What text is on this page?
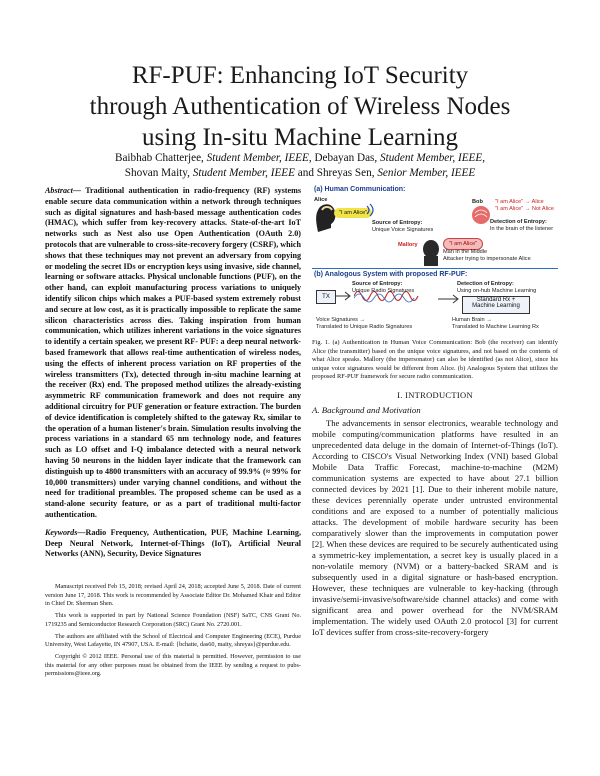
RF-PUF: Enhancing IoT Security
through Authentication of Wireless Nodes
using In-situ Machine Learning
Baibhab Chatterjee, Student Member, IEEE, Debayan Das, Student Member, IEEE,
Shovan Maity, Student Member, IEEE and Shreyas Sen, Senior Member, IEEE

Abstract— Traditional authentication in radio-frequency (RF) systems enable secure data communication within a network through techniques such as digital signatures and hash-based message authentication codes (HMAC), which suffer from key-recovery attacks. State-of-the-art IoT networks such as Nest also use Open Authentication (OAuth 2.0) protocols that are vulnerable to cross-site-recovery forgery (CSRF), which shows that these techniques may not prevent an adversary from copying or modeling the secret IDs or encryption keys using invasive, side channel, learning or software attacks. Physical unclonable functions (PUF), on the other hand, can exploit manufacturing process variations to uniquely identify silicon chips which makes a PUF-based system extremely robust and secure at low cost, as it is practically impossible to replicate the same silicon characteristics across dies. Taking inspiration from human communication, which utilizes inherent variations in the voice signatures to identify a certain speaker, we present RF- PUF: a deep neural network-based framework that allows real-time authentication of wireless nodes, using the effects of inherent process variation on RF properties of the wireless transmitters (Tx), detected through in-situ machine learning at the receiver (Rx) end. The proposed method utilizes the already-existing asymmetric RF communication framework and does not require any additional circuitry for PUF generation or feature extraction. The burden of device identification is completely shifted to the gateway Rx, similar to the operation of a human listener's brain. Simulation results involving the process variations in a standard 65 nm technology node, and features such as LO offset and I-Q imbalance detected with a neural network having 50 neurons in the hidden layer indicate that the framework can distinguish up to 4800 transmitters with an accuracy of 99.9% (≈ 99% for 10,000 transmitters) under varying channel conditions, and without the need for traditional preambles. The proposed scheme can be used as a stand-alone security feature, or as a part of traditional multi-factor authentication.

Keywords—Radio Frequency, Authentication, PUF, Machine Learning, Deep Neural Network, Internet-of-Things (IoT), Artificial Neural Networks (ANN), Security, Device Signatures

Manuscript received Feb 15, 2018; revised April 24, 2018; accepted June 5, 2018. Date of current version June 17, 2018. This work is recommended by Associate Editor Dr. Mohamed Khair and Editor in Chief Dr. Sherman Shen.

This work is supported in part by National Science Foundation (NSF) SaTC, CNS Grant No. 1719235 and Semiconductor Research Corporation (SRC) Grant No. 2720.001.

The authors are affiliated with the School of Electrical and Computer Engineering (ECE), Purdue University, West Lafayette, IN 47907, USA. E-mail: {bchatte, das60, maity, shreyas}@purdue.edu.

Copyright © 2012 IEEE. Personal use of this material is permitted. However, permission to use this material for any other purposes must be obtained from the IEEE by sending a request to pubs-permissions@ieee.org.

(a) Human Communication:
Alice
"I am Alice"
Source of Entropy:
Unique Voice Signatures
Bob "I am Alice" → Alice
"I am Alice" → Not Alice
Detection of Entropy:
In the brain of the listener
Mallory	"I am Alice"
Man in the Middle
Attacker trying to impersonate Alice
(b) Analogous System with proposed RF-PUF:
TX
Source of Entropy:
Unique Radio Signatures
Detection of Entropy:
Using on-hub Machine Learning
Standard Rx +
Machine Learning
Voice Signatures →
Translated to Unique Radio Signatures
Human Brain →
Translated to Machine Learning Rx

Fig. 1. (a) Authentication in Human Voice Communication: Bob (the receiver) can identify Alice (the transmitter) based on the unique voice signatures, and not based on the contents of what Alice speaks. Mallory (the impersonator) can also be identified (as not Alice), since his unique voice signatures would be different from Alice. (b) Analogous System that utilizes the proposed RF-PUF framework for secure radio communication.

I. INTRODUCTION
A. Background and Motivation

The advancements in sensor electronics, wearable technology and mobile computing/communication platforms have resulted in an unprecedented data deluge in the domain of Internet-of-Things (IoT). According to CISCO's Visual Networking Index (VNI) based Global Mobile Data Traffic Forecast, machine-to-machine (M2M) communication systems are expected to have about 27.1 billion connected devices by 2021 [1]. Due to their inherent mobile nature, these devices perennially operate under untrusted environmental conditions and are exposed to a number of potentially malicious attacks. The development of mobile hardware security has been comparatively slower than the improvements in computation power [2]. When these devices are required to be securely authenticated using a symmetric-key implementation, a secret key is usually placed in a non-volatile memory (NVM) or a battery-backed SRAM and is subsequently used in a digital signature or hash-based encryption. However, these techniques are vulnerable to key-hacking (through invasive/semi-invasive/software/side channel attacks) and come with significant area and power overhead for the NVM/SRAM implementation. The widely used OAuth 2.0 protocol [3] for current IoT devices suffer from cross-site-recovery-forgery
